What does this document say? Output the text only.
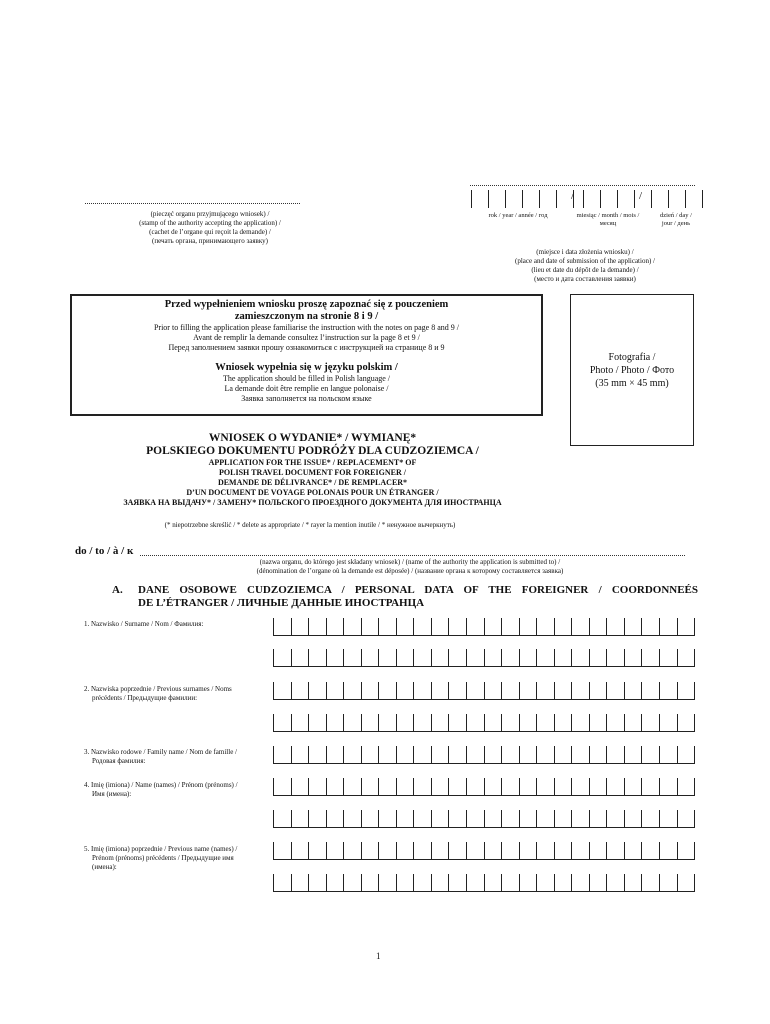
(pieczęć organu przyjmującego wniosek) /
(stamp of the authority accepting the application) /
(cachet de l’organe qui reçoit la demande) /
(печать органа, принимающего заявку)
/	/
rok / year / année / год	miesiąc / month / mois / месяц
dzień / day / jour / день
(miejsce i data złożenia wniosku) /
(place and date of submission of the application) /
(lieu et date du dépôt de la demande) /
(место и дата составления заявки)
Przed wypełnieniem wniosku proszę zapoznać się z pouczeniem
zamieszczonym na stronie 8 i 9 /
Prior to filling the application please familiarise the instruction with the notes on page 8 and 9 /
Avant de remplir la demande consultez l’instruction sur la page 8 et 9 /
Перед заполнением заявки прошу ознакомиться с инструкцией на странице 8 и 9
Wniosek wypełnia się w języku polskim /
The application should be filled in Polish language /
La demande doit être remplie en langue polonaise /
Заявка заполняется на польском языке
Fotografia /
Photo / Photo / Фото
(35 mm × 45 mm)
WNIOSEK O WYDANIE* / WYMIANĘ*
POLSKIEGO DOKUMENTU PODRÓŻY DLA CUDZOZIEMCA /
APPLICATION FOR THE ISSUE* / REPLACEMENT* OF
POLISH TRAVEL DOCUMENT FOR FOREIGNER /
DEMANDE DE DÉLIVRANCE* / DE REMPLACER*
D’UN DOCUMENT DE VOYAGE POLONAIS POUR UN ÉTRANGER /
ЗАЯВКА НА ВЫДАЧУ* / ЗАМЕНУ* ПОЛЬСКОГО ПРОЕЗДНОГО ДОКУМЕНТА ДЛЯ ИНОСТРАНЦА
(* niepotrzebne skreślić / * delete as appropriate / * rayer la mention inutile / * ненужное вычеркнуть)
do / to / à / к
(nazwa organu, do którego jest składany wniosek) / (name of the authority the application is submitted to) /
(dénomination de l’organe où la demande est déposée) / (название органа к которому составляется заявка)
A. DANE OSOBOWE CUDZOZIEMCA / PERSONAL DATA OF THE FOREIGNER / COORDONNEÉS
DE L’ÉTRANGER / ЛИЧНЫЕ ДАННЫЕ ИНОСТРАНЦА
1. Nazwisko / Surname / Nom / Фамилия:
2. Nazwiska poprzednie / Previous surnames / Noms
précédents / Предыдущие фамилии:
3. Nazwisko rodowe / Family name / Nom de famille /
Родовая фамилия:
4. Imię (imiona) / Name (names) / Prénom (prénoms) /
Имя (имена):
5. Imię (imiona) poprzednie / Previous name (names) /
Prénom (prénoms) précédents / Предыдущие имя
(имена):
1
